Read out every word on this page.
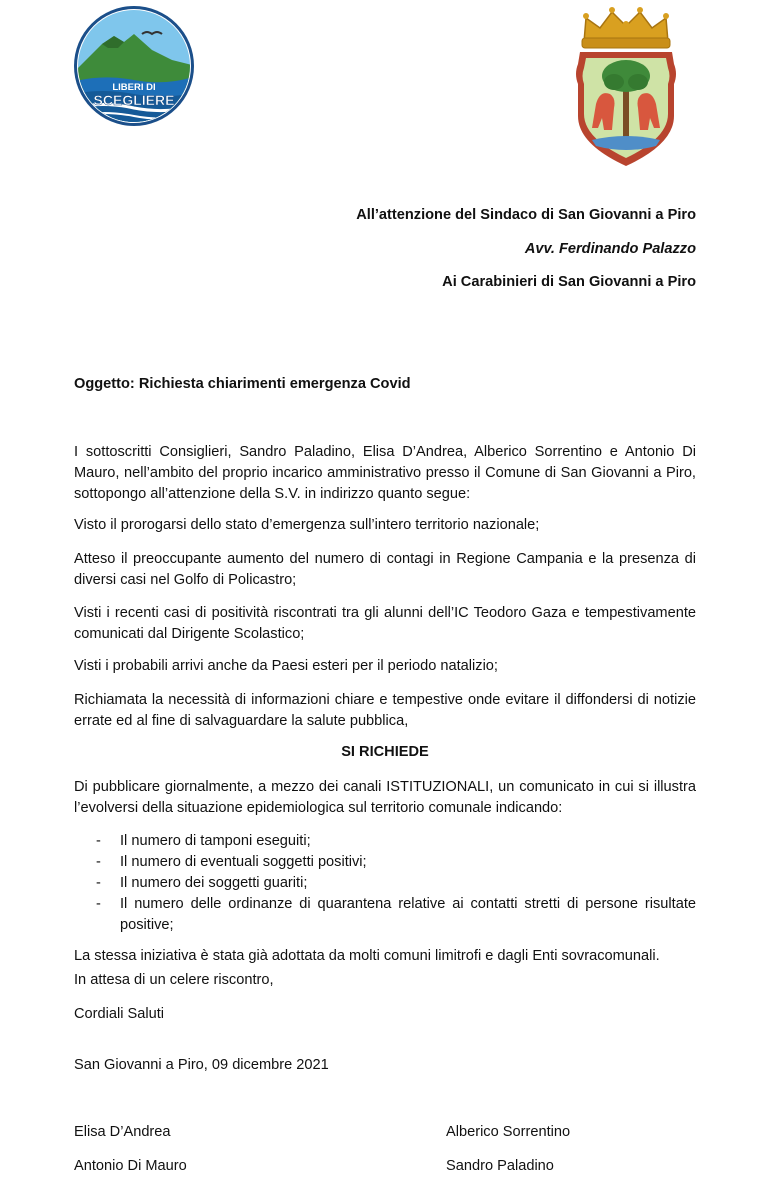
LIBERI DI
SCEGLIERE
All’attenzione del Sindaco di San Giovanni a Piro
Avv. Ferdinando Palazzo
Ai Carabinieri di San Giovanni a Piro
Oggetto: Richiesta chiarimenti emergenza Covid
I sottoscritti Consiglieri, Sandro Paladino, Elisa D’Andrea, Alberico Sorrentino e Antonio Di Mauro, nell’ambito del proprio incarico amministrativo presso il Comune di San Giovanni a Piro, sottopongo all’attenzione della S.V. in indirizzo quanto segue:
Visto il prorogarsi dello stato d’emergenza sull’intero territorio nazionale;
Atteso il preoccupante aumento del numero di contagi in Regione Campania e la presenza di diversi casi nel Golfo di Policastro;
Visti i recenti casi di positività riscontrati tra gli alunni dell’IC Teodoro Gaza e tempestivamente comunicati dal Dirigente Scolastico;
Visti i probabili arrivi anche da Paesi esteri per il periodo natalizio;
Richiamata la necessità di informazioni chiare e tempestive onde evitare il diffondersi di notizie errate ed al fine di salvaguardare la salute pubblica,
SI RICHIEDE
Di pubblicare giornalmente, a mezzo dei canali ISTITUZIONALI, un comunicato in cui si illustra l’evolversi della situazione epidemiologica sul territorio comunale indicando:
- Il numero di tamponi eseguiti;
- Il numero di eventuali soggetti positivi;
- Il numero dei soggetti guariti;
- Il numero delle ordinanze di quarantena relative ai contatti stretti di persone risultate positive;
La stessa iniziativa è stata già adottata da molti comuni limitrofi e dagli Enti sovracomunali.
In attesa di un celere riscontro,
Cordiali Saluti
San Giovanni a Piro, 09 dicembre 2021
Elisa D’Andrea
Antonio Di Mauro
Alberico Sorrentino
Sandro Paladino
